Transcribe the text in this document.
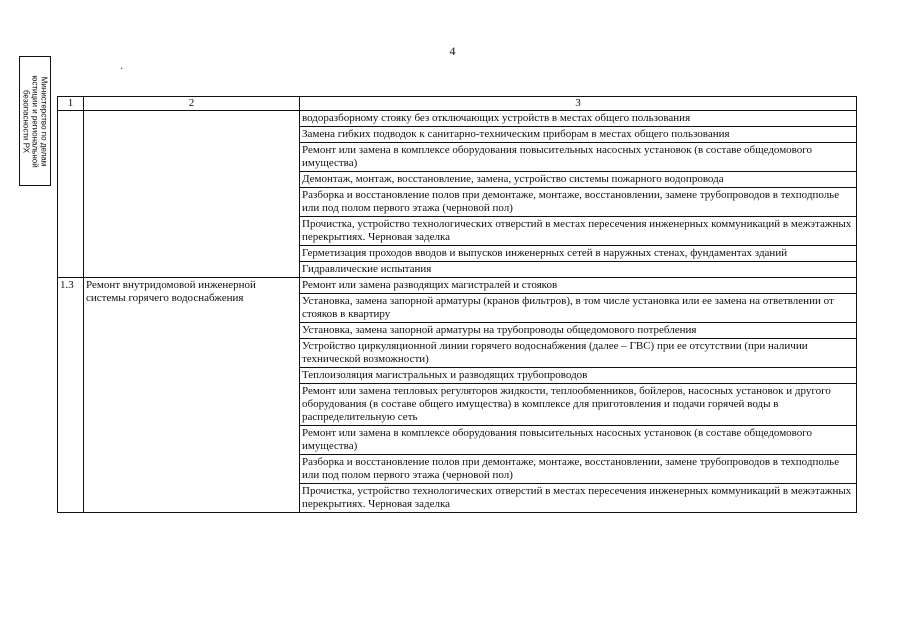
4
·
Министерство по делам
юстиции и региональной
безопасности РХ
1	2	3
		водоразборному стояку без отключающих устройств в местах общего пользования
		Замена гибких подводок к санитарно-техническим приборам в местах общего пользования
		Ремонт или замена в комплексе оборудования повысительных насосных установок (в составе общедомового имущества)
		Демонтаж, монтаж, восстановление, замена, устройство системы пожарного водопровода
		Разборка и восстановление полов при демонтаже, монтаже, восстановлении, замене трубопроводов в техподполье или под полом первого этажа (черновой пол)
		Прочистка, устройство технологических отверстий в местах пересечения инженерных коммуникаций в межэтажных перекрытиях. Черновая заделка
		Герметизация проходов вводов и выпусков инженерных сетей в наружных стенах, фундаментах зданий
		Гидравлические испытания
1.3	Ремонт внутридомовой инженерной системы горячего водоснабжения	Ремонт или замена разводящих магистралей и стояков
		Установка, замена запорной арматуры (кранов фильтров), в том числе установка или ее замена на ответвлении от стояков в квартиру
		Установка, замена запорной арматуры на трубопроводы общедомового потребления
		Устройство циркуляционной линии горячего водоснабжения (далее – ГВС) при ее отсутствии (при наличии технической возможности)
		Теплоизоляция магистральных и разводящих трубопроводов
		Ремонт или замена тепловых регуляторов жидкости, теплообменников, бойлеров, насосных установок и другого оборудования (в составе общего имущества) в комплексе для приготовления и подачи горячей воды в распределительную сеть
		Ремонт или замена в комплексе оборудования повысительных насосных установок (в составе общедомового имущества)
		Разборка и восстановление полов при демонтаже, монтаже, восстановлении, замене трубопроводов в техподполье или под полом первого этажа (черновой пол)
		Прочистка, устройство технологических отверстий в местах пересечения инженерных коммуникаций в межэтажных перекрытиях. Черновая заделка
